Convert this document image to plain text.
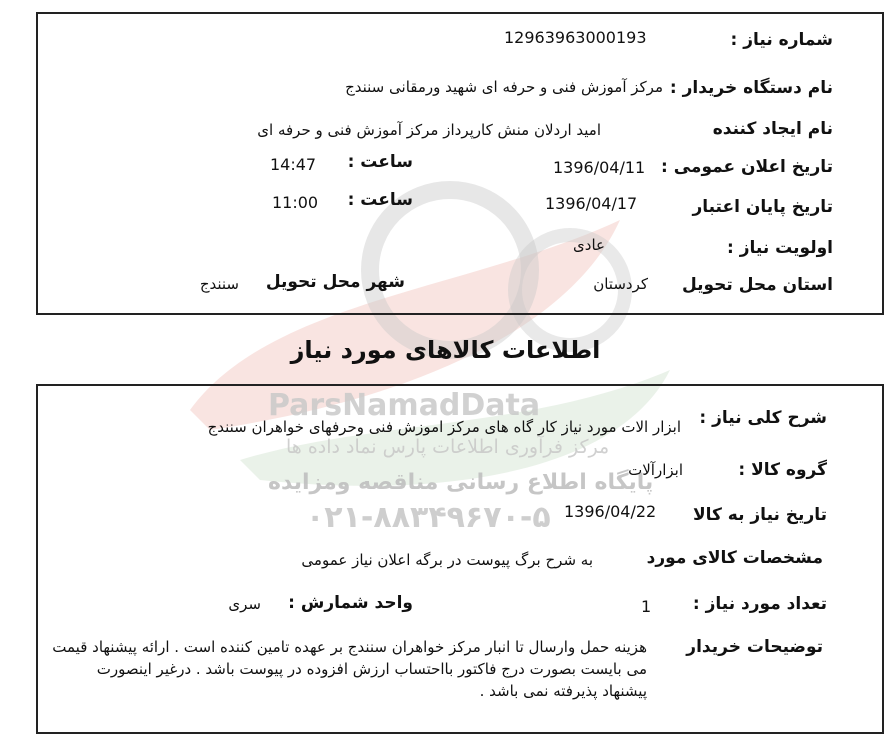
ParsNamadData
مرکز فرآوری اطلاعات پارس نماد داده ها
پایگاه اطلاع رسانی مناقصه ومزایده
۰۲۱-۸۸۳۴۹۶۷۰-۵
شماره نیاز :
12963963000193
نام دستگاه خریدار :
مرکز آموزش فنی و حرفه ای شهید ورمقانی سنندج
نام ایجاد کننده
امید اردلان منش کارپرداز مرکز آموزش فنی و حرفه ای
تاریخ اعلان عمومی :
1396/04/11
ساعت :
14:47
تاریخ پایان اعتبار
1396/04/17
ساعت :
11:00
اولویت نیاز :
عادی
استان محل تحویل
کردستان
شهر محل تحویل
سنندج
اطلاعات کالاهای مورد نیاز
شرح کلی نیاز :
ابزار الات مورد نیاز کار گاه های مرکز اموزش فنی وحرفهای خواهران سنندج
گروه کالا :
ابزارآلات
تاریخ نیاز به کالا
1396/04/22
مشخصات کالای مورد
به شرح برگ پیوست در برگه اعلان نیاز عمومی
تعداد مورد نیاز :
1
واحد شمارش :
سری
توضیحات خریدار
هزینه حمل وارسال تا انبار مرکز خواهران سنندج بر عهده تامین کننده است . ارائه پیشنهاد قیمت می بایست بصورت درج فاکتور بااحتساب ارزش افزوده در پیوست باشد . درغیر اینصورت پیشنهاد پذیرفته نمی باشد .
